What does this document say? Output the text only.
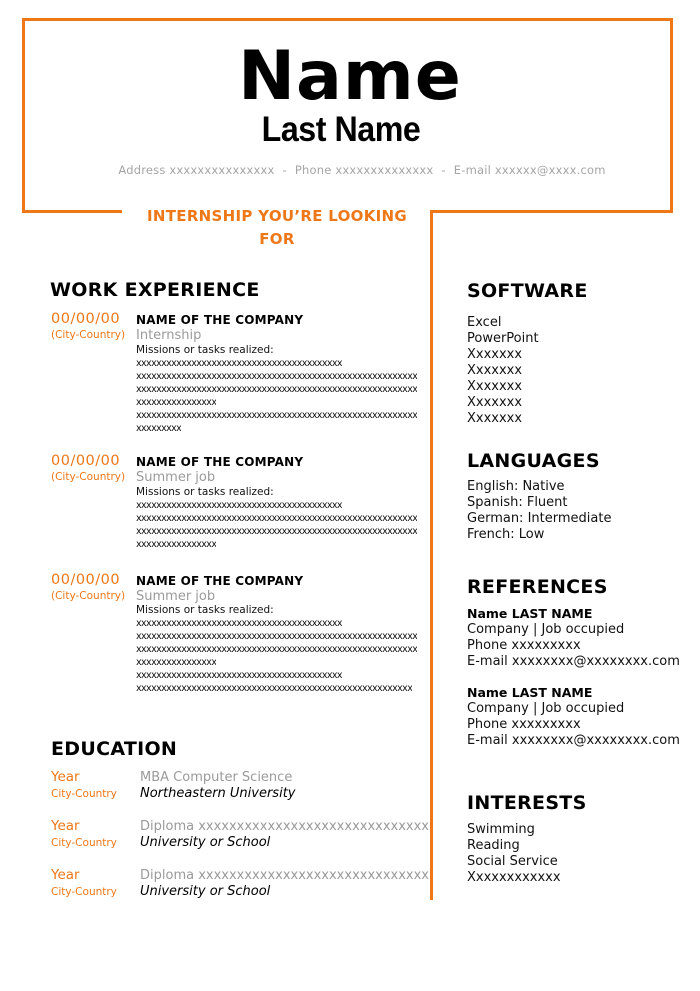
Name
Last Name
Address xxxxxxxxxxxxxxx - Phone xxxxxxxxxxxxxx - E-mail xxxxxx@xxxx.com
INTERNSHIP YOU’RE LOOKING FOR
WORK EXPERIENCE
00/00/00
(City-Country)
NAME OF THE COMPANY
Internship
Missions or tasks realized:
xxxxxxxxxxxxxxxxxxxxxxxxxxxxxxxxxxxxxxxxx
xxxxxxxxxxxxxxxxxxxxxxxxxxxxxxxxxxxxxxxxxxxxxxxxxxxxxxxx
xxxxxxxxxxxxxxxxxxxxxxxxxxxxxxxxxxxxxxxxxxxxxxxxxxxxxxxx
xxxxxxxxxxxxxxxx
xxxxxxxxxxxxxxxxxxxxxxxxxxxxxxxxxxxxxxxxxxxxxxxxxxxxxxxx
xxxxxxxxx
00/00/00
(City-Country)
NAME OF THE COMPANY
Summer job
Missions or tasks realized:
xxxxxxxxxxxxxxxxxxxxxxxxxxxxxxxxxxxxxxxxx
xxxxxxxxxxxxxxxxxxxxxxxxxxxxxxxxxxxxxxxxxxxxxxxxxxxxxxxx
xxxxxxxxxxxxxxxxxxxxxxxxxxxxxxxxxxxxxxxxxxxxxxxxxxxxxxxx
xxxxxxxxxxxxxxxx
00/00/00
(City-Country)
NAME OF THE COMPANY
Summer job
Missions or tasks realized:
xxxxxxxxxxxxxxxxxxxxxxxxxxxxxxxxxxxxxxxxx
xxxxxxxxxxxxxxxxxxxxxxxxxxxxxxxxxxxxxxxxxxxxxxxxxxxxxxxx
xxxxxxxxxxxxxxxxxxxxxxxxxxxxxxxxxxxxxxxxxxxxxxxxxxxxxxxx
xxxxxxxxxxxxxxxx
xxxxxxxxxxxxxxxxxxxxxxxxxxxxxxxxxxxxxxxxx
xxxxxxxxxxxxxxxxxxxxxxxxxxxxxxxxxxxxxxxxxxxxxxxxxxxxxxx
EDUCATION
Year
City-Country
MBA Computer Science
Northeastern University
Year
City-Country
Diploma xxxxxxxxxxxxxxxxxxxxxxxxxxxxxx
University or School
Year
City-Country
Diploma xxxxxxxxxxxxxxxxxxxxxxxxxxxxxx
University or School
SOFTWARE
Excel
PowerPoint
Xxxxxxx
Xxxxxxx
Xxxxxxx
Xxxxxxx
Xxxxxxx
LANGUAGES
English: Native
Spanish: Fluent
German: Intermediate
French: Low
REFERENCES
Name LAST NAME
Company | Job occupied
Phone xxxxxxxxx
E-mail xxxxxxxx@xxxxxxxx.com
Name LAST NAME
Company | Job occupied
Phone xxxxxxxxx
E-mail xxxxxxxx@xxxxxxxx.com
INTERESTS
Swimming
Reading
Social Service
Xxxxxxxxxxxx
